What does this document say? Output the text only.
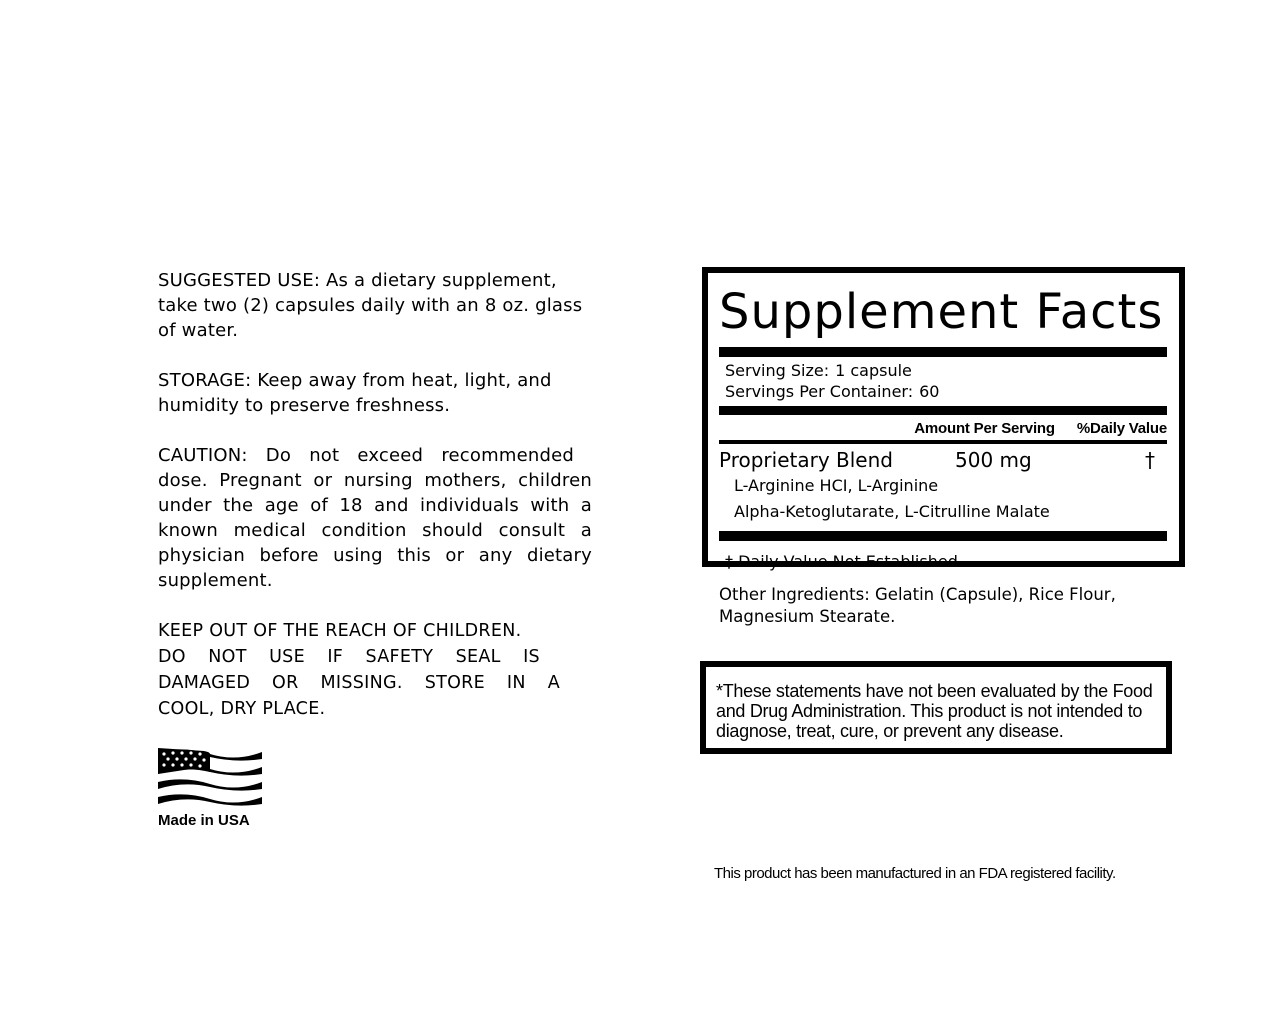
SUGGESTED USE: As a dietary supplement, take two (2) capsules daily with an 8 oz. glass of water.

STORAGE: Keep away from heat, light, and humidity to preserve freshness.

CAUTION: Do not exceed recommended
dose. Pregnant or nursing mothers, children under the age of 18 and individuals with a known medical condition should consult a physician before using this or any dietary supplement.
KEEP OUT OF THE REACH OF CHILDREN.
DO NOT USE IF SAFETY SEAL IS
DAMAGED OR MISSING. STORE IN A
COOL, DRY PLACE.
Made in USA
Supplement Facts
Serving Size: 1 capsule
Servings Per Container: 60
Amount Per Serving %Daily Value
Proprietary Blend	500 mg	†
L-Arginine HCI, L-Arginine
Alpha-Ketoglutarate, L-Citrulline Malate
† Daily Value Not Established
Other Ingredients: Gelatin (Capsule), Rice Flour, Magnesium Stearate.
*These statements have not been evaluated by the Food and Drug Administration. This product is not intended to diagnose, treat, cure, or prevent any disease.
This product has been manufactured in an FDA registered facility.
